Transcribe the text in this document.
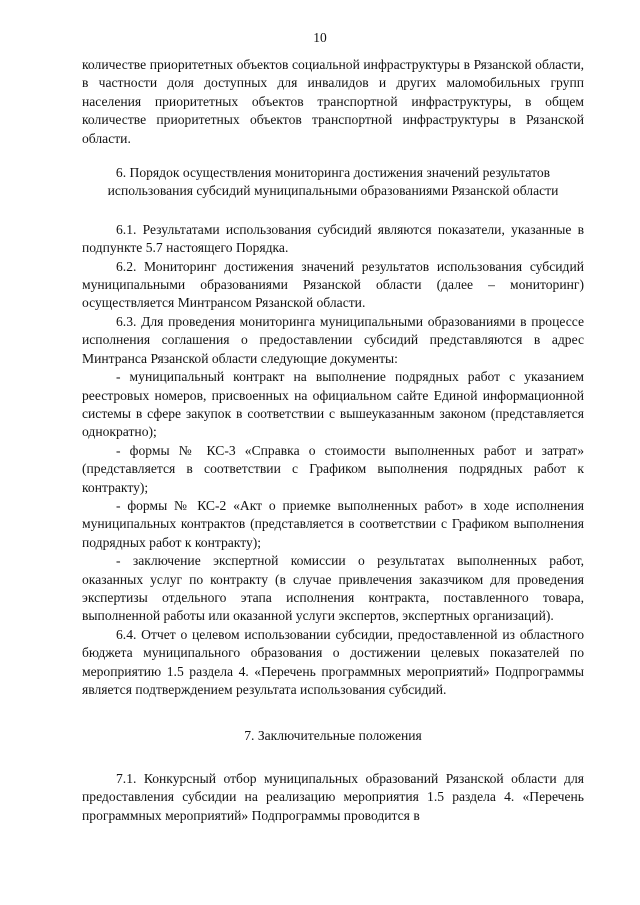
10

количестве приоритетных объектов социальной инфраструктуры в Рязанской области, в частности доля доступных для инвалидов и других маломобильных групп населения приоритетных объектов транспортной инфраструктуры, в общем количестве приоритетных объектов транспортной инфраструктуры в Рязанской области.

6. Порядок осуществления мониторинга достижения значений результатов использования субсидий муниципальными образованиями Рязанской области

6.1. Результатами использования субсидий являются показатели, указанные в подпункте 5.7 настоящего Порядка.

6.2. Мониторинг достижения значений результатов использования субсидий муниципальными образованиями Рязанской области (далее – мониторинг) осуществляется Минтрансом Рязанской области.

6.3. Для проведения мониторинга муниципальными образованиями в процессе исполнения соглашения о предоставлении субсидий представляются в адрес Минтранса Рязанской области следующие документы:

- муниципальный контракт на выполнение подрядных работ с указанием реестровых номеров, присвоенных на официальном сайте Единой информационной системы в сфере закупок в соответствии с вышеуказанным законом (представляется однократно);

- формы № КС-3 «Справка о стоимости выполненных работ и затрат» (представляется в соответствии с Графиком выполнения подрядных работ к контракту);

- формы № КС-2 «Акт о приемке выполненных работ» в ходе исполнения муниципальных контрактов (представляется в соответствии с Графиком выполнения подрядных работ к контракту);

- заключение экспертной комиссии о результатах выполненных работ, оказанных услуг по контракту (в случае привлечения заказчиком для проведения экспертизы отдельного этапа исполнения контракта, поставленного товара, выполненной работы или оказанной услуги экспертов, экспертных организаций).

6.4. Отчет о целевом использовании субсидии, предоставленной из областного бюджета муниципального образования о достижении целевых показателей по мероприятию 1.5 раздела 4. «Перечень программных мероприятий» Подпрограммы является подтверждением результата использования субсидий.

7. Заключительные положения

7.1. Конкурсный отбор муниципальных образований Рязанской области для предоставления субсидии на реализацию мероприятия 1.5 раздела 4. «Перечень программных мероприятий» Подпрограммы проводится в
